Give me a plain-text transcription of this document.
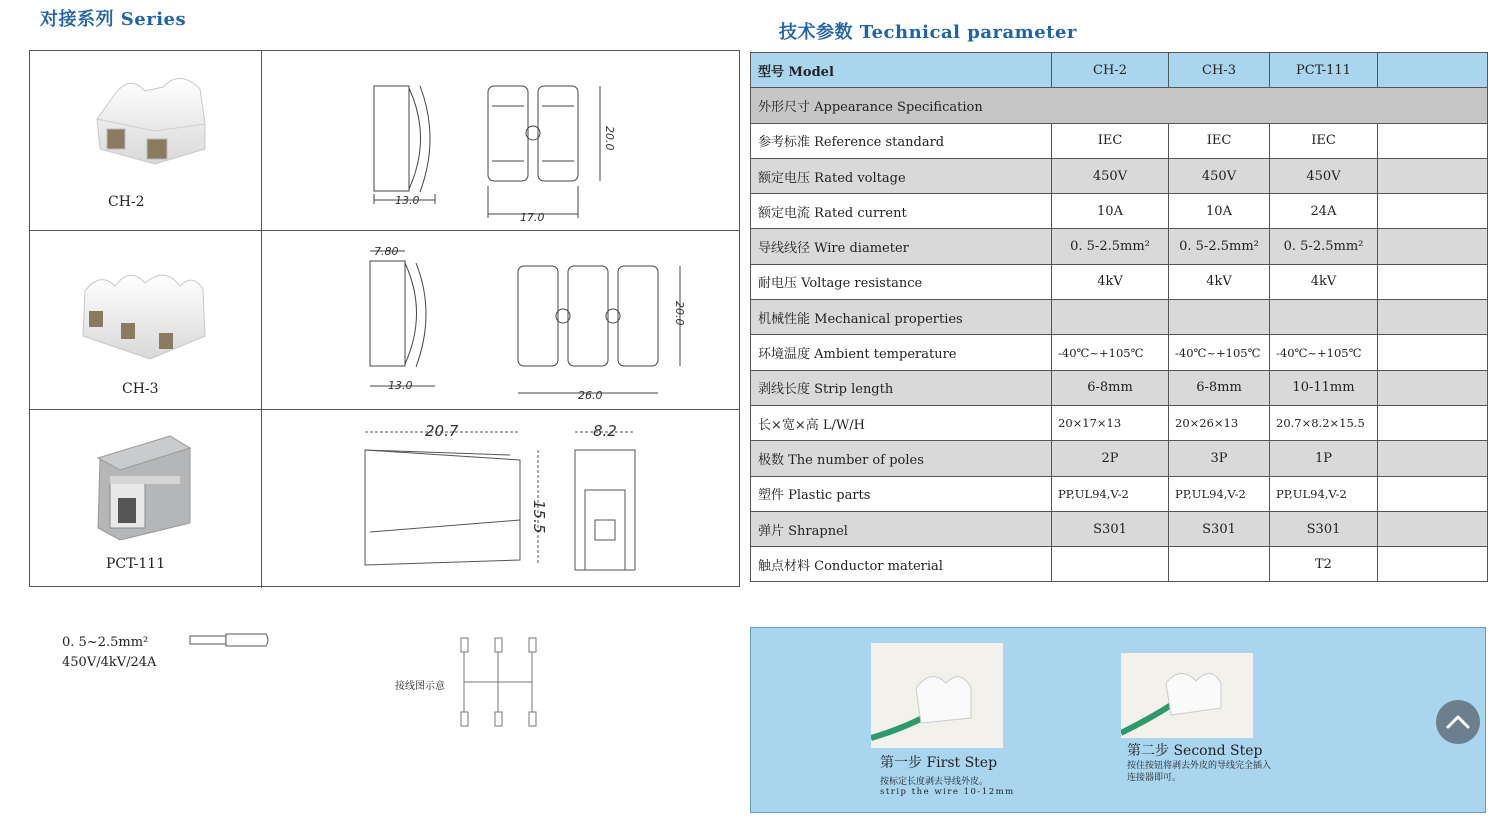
对接系列 Series
CH-2	13.0
17.0
20.0
CH-3
7.80
13.0
26.0
20.0
PCT-111
20.7	8.2
15.5
0. 5~2.5mm²
450V/4kV/24A
接线图示意
技术参数 Technical parameter
型号 Model	CH-2	CH-3	PCT-111	
外形尺寸 Appearance Specification				
参考标准 Reference standard	IEC	IEC	IEC	
额定电压 Rated voltage	450V	450V	450V	
额定电流 Rated current	10A	10A	24A	
导线线径 Wire diameter	0. 5-2.5mm²	0. 5-2.5mm²	0. 5-2.5mm²	
耐电压 Voltage resistance	4kV	4kV	4kV	
机械性能 Mechanical properties				
环境温度 Ambient temperature	-40℃~+105℃	-40℃~+105℃	-40℃~+105℃	
剥线长度 Strip length	6-8mm	6-8mm	10-11mm	
长×宽×高 L/W/H	20×17×13	20×26×13	20.7×8.2×15.5	
极数 The number of poles	2P	3P	1P	
塑件 Plastic parts	PP,UL94,V-2	PP,UL94,V-2	PP,UL94,V-2	
弹片 Shrapnel	S301	S301	S301	
触点材料 Conductor material			T2	
第一步 First Step
按标定长度剥去导线外皮。
strip the wire 10-12mm
第二步 Second Step
按住按钮将剥去外皮的导线完全插入
连接器即可。
